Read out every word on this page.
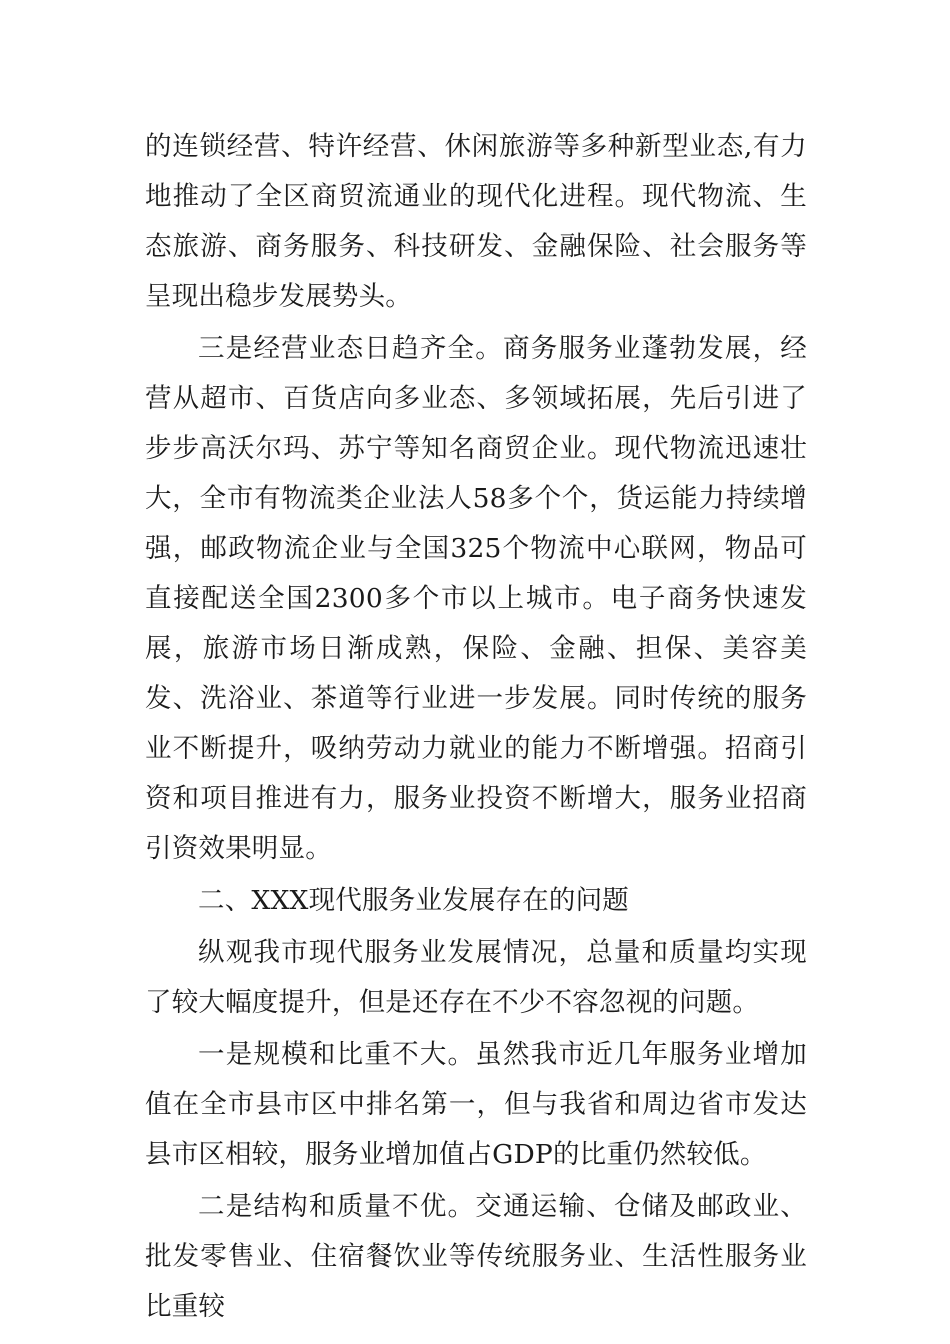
的连锁经营、特许经营、休闲旅游等多种新型业态,有力地推动了全区商贸流通业的现代化进程。现代物流、生态旅游、商务服务、科技研发、金融保险、社会服务等呈现出稳步发展势头。

三是经营业态日趋齐全。商务服务业蓬勃发展，经营从超市、百货店向多业态、多领域拓展，先后引进了步步高沃尔玛、苏宁等知名商贸企业。现代物流迅速壮大，全市有物流类企业法人58多个个，货运能力持续增强，邮政物流企业与全国325个物流中心联网，物品可直接配送全国2300多个市以上城市。电子商务快速发展，旅游市场日渐成熟，保险、金融、担保、美容美发、洗浴业、茶道等行业进一步发展。同时传统的服务业不断提升，吸纳劳动力就业的能力不断增强。招商引资和项目推进有力，服务业投资不断增大，服务业招商引资效果明显。

二、XXX现代服务业发展存在的问题

纵观我市现代服务业发展情况，总量和质量均实现了较大幅度提升，但是还存在不少不容忽视的问题。

一是规模和比重不大。虽然我市近几年服务业增加值在全市县市区中排名第一，但与我省和周边省市发达县市区相较，服务业增加值占GDP的比重仍然较低。

二是结构和质量不优。交通运输、仓储及邮政业、批发零售业、住宿餐饮业等传统服务业、生活性服务业比重较
